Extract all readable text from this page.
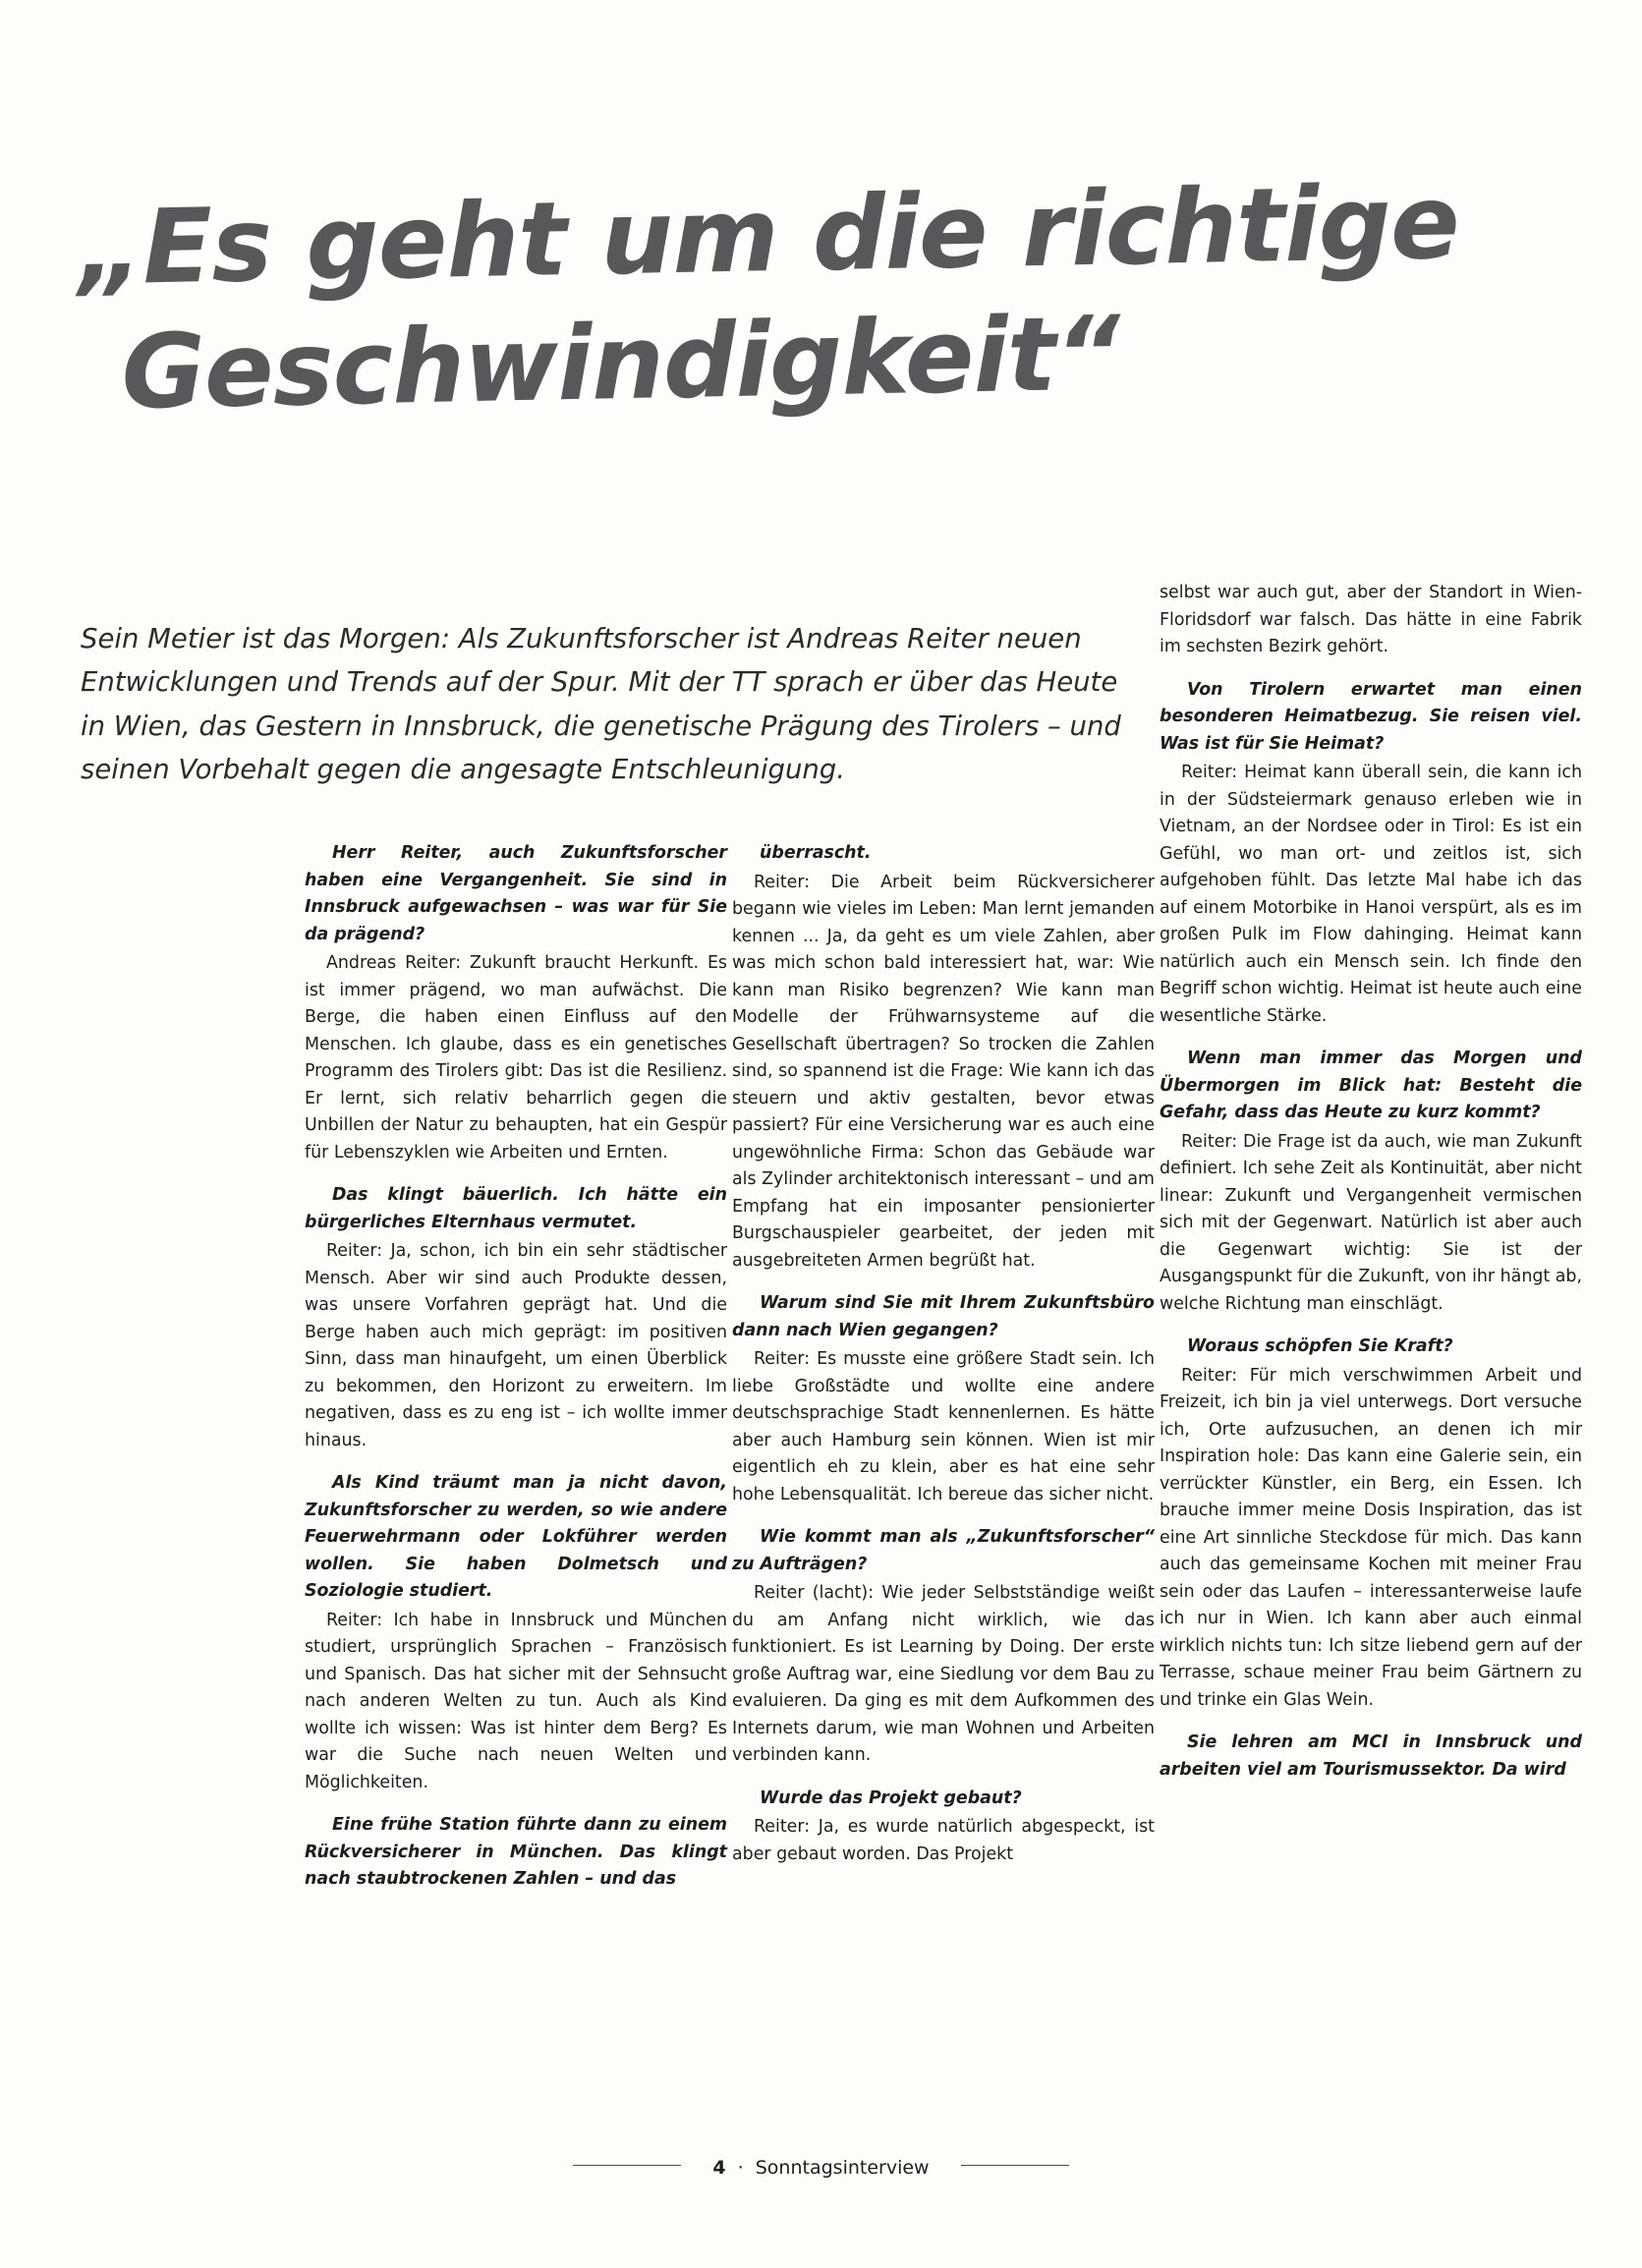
„Es geht um die richtige
Geschwindigkeit“

Sein Metier ist das Morgen: Als Zukunftsforscher ist Andreas Reiter neuen Entwicklungen und Trends auf der Spur. Mit der TT sprach er über das Heute in Wien, das Gestern in Innsbruck, die genetische Prägung des Tirolers – und seinen Vorbehalt gegen die angesagte Entschleunigung.

Herr Reiter, auch Zukunftsforscher haben eine Vergangenheit. Sie sind in Innsbruck aufgewachsen – was war für Sie da prägend?

Andreas Reiter: Zukunft braucht Herkunft. Es ist immer prägend, wo man aufwächst. Die Berge, die haben einen Einfluss auf den Menschen. Ich glaube, dass es ein genetisches Programm des Tirolers gibt: Das ist die Resilienz. Er lernt, sich relativ beharrlich gegen die Unbillen der Natur zu behaupten, hat ein Gespür für Lebenszyklen wie Arbeiten und Ernten.

Das klingt bäuerlich. Ich hätte ein bürgerliches Elternhaus vermutet.

Reiter: Ja, schon, ich bin ein sehr städtischer Mensch. Aber wir sind auch Produkte dessen, was unsere Vorfahren geprägt hat. Und die Berge haben auch mich geprägt: im positiven Sinn, dass man hinaufgeht, um einen Überblick zu bekommen, den Horizont zu erweitern. Im negativen, dass es zu eng ist – ich wollte immer hinaus.

Als Kind träumt man ja nicht davon, Zukunftsforscher zu werden, so wie andere Feuerwehrmann oder Lokführer werden wollen. Sie haben Dolmetsch und Soziologie studiert.

Reiter: Ich habe in Innsbruck und München studiert, ursprünglich Sprachen – Französisch und Spanisch. Das hat sicher mit der Sehnsucht nach anderen Welten zu tun. Auch als Kind wollte ich wissen: Was ist hinter dem Berg? Es war die Suche nach neuen Welten und Möglichkeiten.

Eine frühe Station führte dann zu einem Rückversicherer in München. Das klingt nach staubtrockenen Zahlen – und das

überrascht.

Reiter: Die Arbeit beim Rückversicherer begann wie vieles im Leben: Man lernt jemanden kennen ... Ja, da geht es um viele Zahlen, aber was mich schon bald interessiert hat, war: Wie kann man Risiko begrenzen? Wie kann man Modelle der Frühwarnsysteme auf die Gesellschaft übertragen? So trocken die Zahlen sind, so spannend ist die Frage: Wie kann ich das steuern und aktiv gestalten, bevor etwas passiert? Für eine Versicherung war es auch eine ungewöhnliche Firma: Schon das Gebäude war als Zylinder architektonisch interessant – und am Empfang hat ein imposanter pensionierter Burgschauspieler gearbeitet, der jeden mit ausgebreiteten Armen begrüßt hat.

Warum sind Sie mit Ihrem Zukunftsbüro dann nach Wien gegangen?

Reiter: Es musste eine größere Stadt sein. Ich liebe Großstädte und wollte eine andere deutschsprachige Stadt kennenlernen. Es hätte aber auch Hamburg sein können. Wien ist mir eigentlich eh zu klein, aber es hat eine sehr hohe Lebensqualität. Ich bereue das sicher nicht.

Wie kommt man als „Zukunftsforscher“ zu Aufträgen?

Reiter (lacht): Wie jeder Selbstständige weißt du am Anfang nicht wirklich, wie das funktioniert. Es ist Learning by Doing. Der erste große Auftrag war, eine Siedlung vor dem Bau zu evaluieren. Da ging es mit dem Aufkommen des Internets darum, wie man Wohnen und Arbeiten verbinden kann.

Wurde das Projekt gebaut?

Reiter: Ja, es wurde natürlich abgespeckt, ist aber gebaut worden. Das Projekt

selbst war auch gut, aber der Standort in Wien-Floridsdorf war falsch. Das hätte in eine Fabrik im sechsten Bezirk gehört.

Von Tirolern erwartet man einen besonderen Heimatbezug. Sie reisen viel. Was ist für Sie Heimat?

Reiter: Heimat kann überall sein, die kann ich in der Südsteiermark genauso erleben wie in Vietnam, an der Nordsee oder in Tirol: Es ist ein Gefühl, wo man ort- und zeitlos ist, sich aufgehoben fühlt. Das letzte Mal habe ich das auf einem Motorbike in Hanoi verspürt, als es im großen Pulk im Flow dahinging. Heimat kann natürlich auch ein Mensch sein. Ich finde den Begriff schon wichtig. Heimat ist heute auch eine wesentliche Stärke.

Wenn man immer das Morgen und Übermorgen im Blick hat: Besteht die Gefahr, dass das Heute zu kurz kommt?

Reiter: Die Frage ist da auch, wie man Zukunft definiert. Ich sehe Zeit als Kontinuität, aber nicht linear: Zukunft und Vergangenheit vermischen sich mit der Gegenwart. Natürlich ist aber auch die Gegenwart wichtig: Sie ist der Ausgangspunkt für die Zukunft, von ihr hängt ab, welche Richtung man einschlägt.

Woraus schöpfen Sie Kraft?

Reiter: Für mich verschwimmen Arbeit und Freizeit, ich bin ja viel unterwegs. Dort versuche ich, Orte aufzusuchen, an denen ich mir Inspiration hole: Das kann eine Galerie sein, ein verrückter Künstler, ein Berg, ein Essen. Ich brauche immer meine Dosis Inspiration, das ist eine Art sinnliche Steckdose für mich. Das kann auch das gemeinsame Kochen mit meiner Frau sein oder das Laufen – interessanterweise laufe ich nur in Wien. Ich kann aber auch einmal wirklich nichts tun: Ich sitze liebend gern auf der Terrasse, schaue meiner Frau beim Gärtnern zu und trinke ein Glas Wein.

Sie lehren am MCI in Innsbruck und arbeiten viel am Tourismussektor. Da wird

4 · Sonntagsinterview
